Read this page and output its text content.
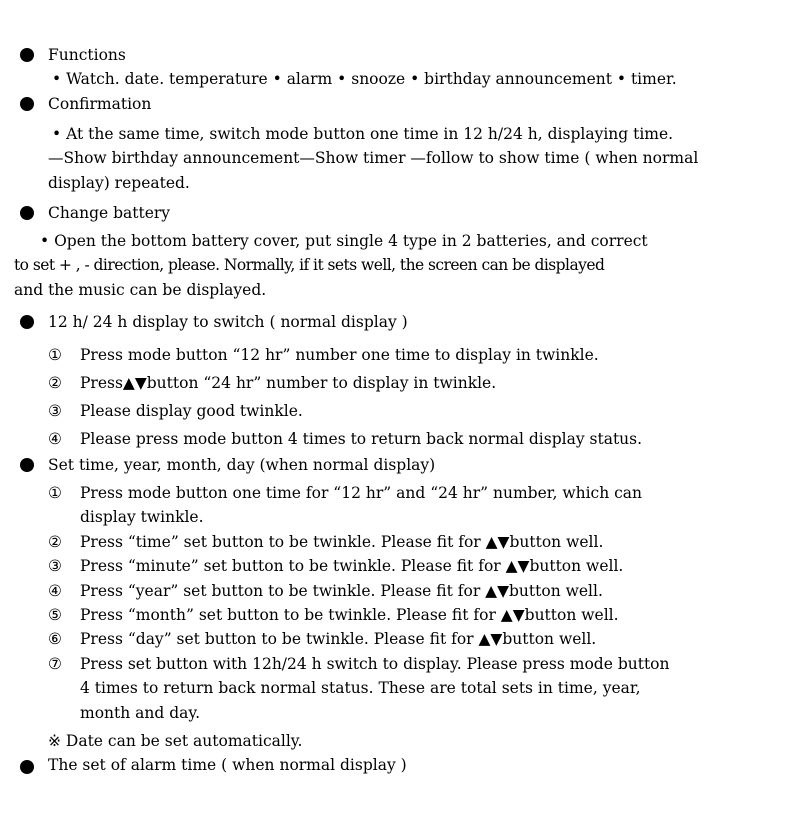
Functions
• Watch. date. temperature • alarm • snooze • birthday announcement • timer.
Confirmation
• At the same time, switch mode button one time in 12 h/24 h, displaying time.
—Show birthday announcement—Show timer —follow to show time ( when normal
display) repeated.
Change battery
• Open the bottom battery cover, put single 4 type in 2 batteries, and correct
to set + , - direction, please. Normally, if it sets well, the screen can be displayed
and the music can be displayed.
12 h/ 24 h display to switch ( normal display )
① Press mode button “12 hr” number one time to display in twinkle.
② Press▲▼button “24 hr” number to display in twinkle.
③ Please display good twinkle.
④ Please press mode button 4 times to return back normal display status.
Set time, year, month, day (when normal display)
① Press mode button one time for “12 hr” and “24 hr” number, which can
display twinkle.
② Press “time” set button to be twinkle. Please fit for ▲▼button well.
③ Press “minute” set button to be twinkle. Please fit for ▲▼button well.
④ Press “year” set button to be twinkle. Please fit for ▲▼button well.
⑤ Press “month” set button to be twinkle. Please fit for ▲▼button well.
⑥ Press “day” set button to be twinkle. Please fit for ▲▼button well.
⑦ Press set button with 12h/24 h switch to display. Please press mode button
4 times to return back normal status. These are total sets in time, year,
month and day.
※ Date can be set automatically.
The set of alarm time ( when normal display )
